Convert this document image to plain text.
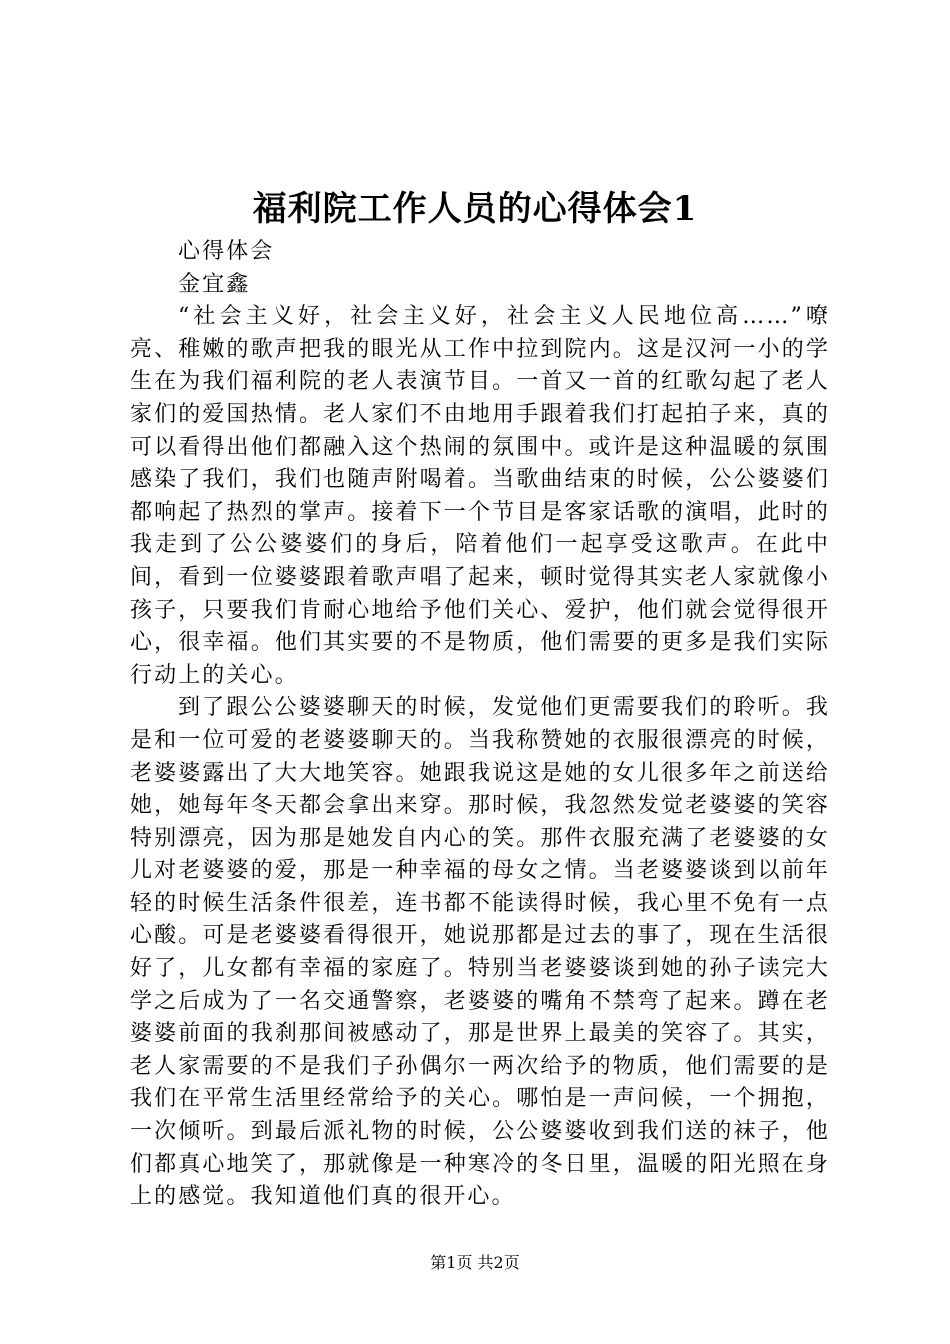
福利院工作人员的心得体会1

心得体会

金宜鑫

“社会主义好，社会主义好，社会主义人民地位高……”嘹亮、稚嫩的歌声把我的眼光从工作中拉到院内。这是汉河一小的学生在为我们福利院的老人表演节目。一首又一首的红歌勾起了老人家们的爱国热情。老人家们不由地用手跟着我们打起拍子来，真的可以看得出他们都融入这个热闹的氛围中。或许是这种温暖的氛围感染了我们，我们也随声附喝着。当歌曲结束的时候，公公婆婆们都响起了热烈的掌声。接着下一个节目是客家话歌的演唱，此时的我走到了公公婆婆们的身后，陪着他们一起享受这歌声。在此中间，看到一位婆婆跟着歌声唱了起来，顿时觉得其实老人家就像小孩子，只要我们肯耐心地给予他们关心、爱护，他们就会觉得很开心，很幸福。他们其实要的不是物质，他们需要的更多是我们实际行动上的关心。

到了跟公公婆婆聊天的时候，发觉他们更需要我们的聆听。我是和一位可爱的老婆婆聊天的。当我称赞她的衣服很漂亮的时候，老婆婆露出了大大地笑容。她跟我说这是她的女儿很多年之前送给她，她每年冬天都会拿出来穿。那时候，我忽然发觉老婆婆的笑容特别漂亮，因为那是她发自内心的笑。那件衣服充满了老婆婆的女儿对老婆婆的爱，那是一种幸福的母女之情。当老婆婆谈到以前年轻的时候生活条件很差，连书都不能读得时候，我心里不免有一点心酸。可是老婆婆看得很开，她说那都是过去的事了，现在生活很好了，儿女都有幸福的家庭了。特别当老婆婆谈到她的孙子读完大学之后成为了一名交通警察，老婆婆的嘴角不禁弯了起来。蹲在老婆婆前面的我刹那间被感动了，那是世界上最美的笑容了。其实，老人家需要的不是我们子孙偶尔一两次给予的物质，他们需要的是我们在平常生活里经常给予的关心。哪怕是一声问候，一个拥抱，一次倾听。到最后派礼物的时候，公公婆婆收到我们送的袜子，他们都真心地笑了，那就像是一种寒冷的冬日里，温暖的阳光照在身上的感觉。我知道他们真的很开心。

第1页 共2页
